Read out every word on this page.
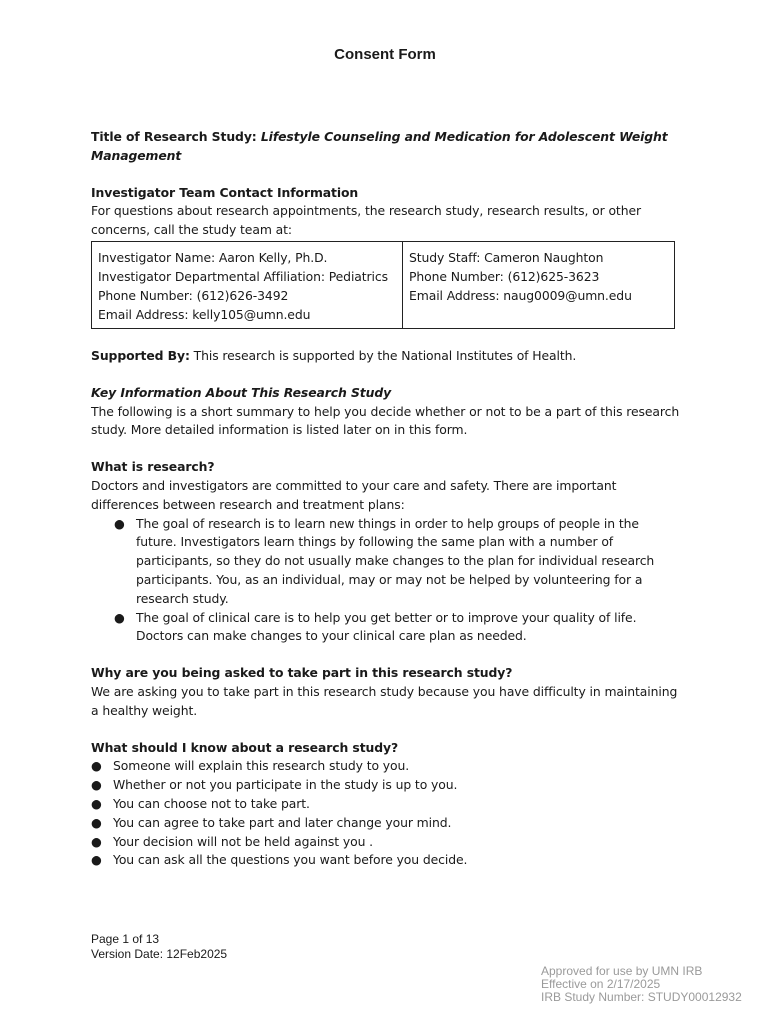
Consent Form

Title of Research Study: Lifestyle Counseling and Medication for Adolescent Weight Management

Investigator Team Contact Information

For questions about research appointments, the research study, research results, or other concerns, call the study team at:

Investigator Name: Aaron Kelly, Ph.D.
Investigator Departmental Affiliation: Pediatrics
Phone Number: (612)626-3492
Email Address: kelly105@umn.edu

Study Staff: Cameron Naughton
Phone Number: (612)625-3623
Email Address: naug0009@umn.edu

Supported By: This research is supported by the National Institutes of Health.

Key Information About This Research Study

The following is a short summary to help you decide whether or not to be a part of this research study. More detailed information is listed later on in this form.

What is research?

Doctors and investigators are committed to your care and safety. There are important differences between research and treatment plans:

● The goal of research is to learn new things in order to help groups of people in the future. Investigators learn things by following the same plan with a number of participants, so they do not usually make changes to the plan for individual research participants. You, as an individual, may or may not be helped by volunteering for a research study.
● The goal of clinical care is to help you get better or to improve your quality of life. Doctors can make changes to your clinical care plan as needed.

Why are you being asked to take part in this research study?

We are asking you to take part in this research study because you have difficulty in maintaining a healthy weight.

What should I know about a research study?

● Someone will explain this research study to you.
● Whether or not you participate in the study is up to you.
● You can choose not to take part.
● You can agree to take part and later change your mind.
● Your decision will not be held against you .
● You can ask all the questions you want before you decide.
Page 1 of 13
Version Date: 12Feb2025
Approved for use by UMN IRB
Effective on 2/17/2025
IRB Study Number: STUDY00012932
